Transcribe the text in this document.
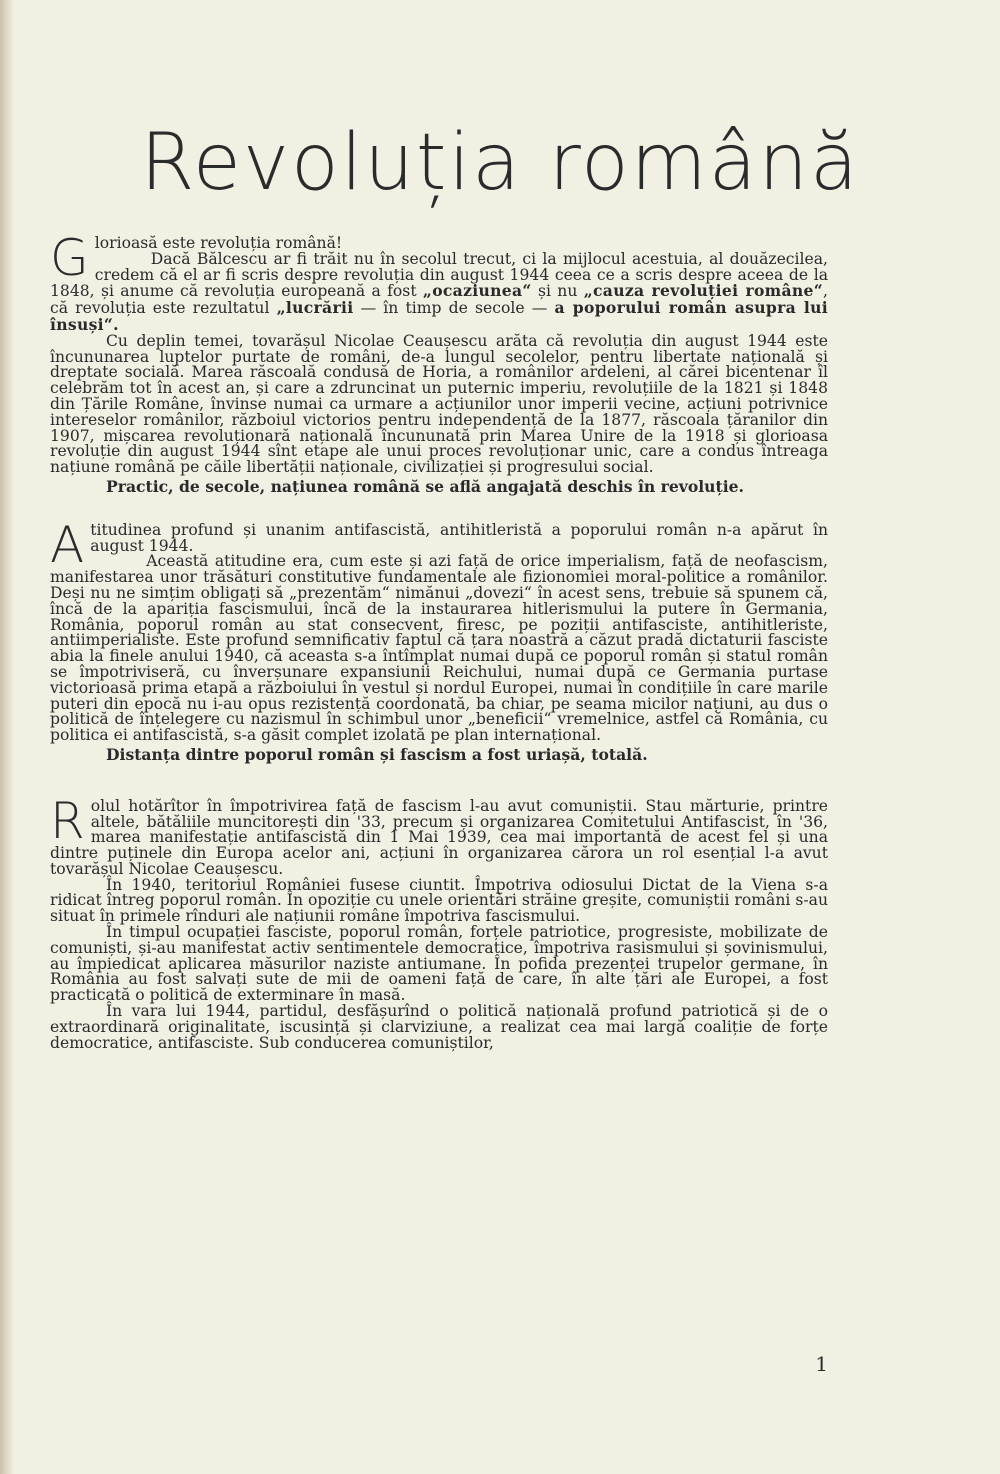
Revoluția română

Glorioasă este revoluția română!

Dacă Bălcescu ar fi trăit nu în secolul trecut, ci la mijlocul acestuia, al douăzecilea, credem că el ar fi scris despre revoluția din august 1944 ceea ce a scris despre aceea de la 1848, și anume că revoluția europeană a fost „ocaziunea“ și nu „cauza revoluției române“, că revoluția este rezultatul „lucrării — în timp de secole — a poporului român asupra lui însuși“.

Cu deplin temei, tovarășul Nicolae Ceaușescu arăta că revoluția din august 1944 este încununarea luptelor purtate de români, de-a lungul secolelor, pentru libertate națională și dreptate socială. Marea răscoală condusă de Horia, a românilor ardeleni, al cărei bicentenar îl celebrăm tot în acest an, și care a zdruncinat un puternic imperiu, revoluțiile de la 1821 și 1848 din Țările Române, învinse numai ca urmare a acțiunilor unor imperii vecine, acțiuni potrivnice intereselor românilor, războiul victorios pentru independență de la 1877, răscoala țăranilor din 1907, mișcarea revoluționară națională încununată prin Marea Unire de la 1918 și glorioasa revoluție din august 1944 sînt etape ale unui proces revoluționar unic, care a condus întreaga națiune română pe căile libertății naționale, civilizației și progresului social.

Practic, de secole, națiunea română se află angajată deschis în revoluție.

Atitudinea profund și unanim antifascistă, antihitleristă a poporului român n-a apărut în august 1944.

Această atitudine era, cum este și azi față de orice imperialism, față de neofascism, manifestarea unor trăsături constitutive fundamentale ale fizionomiei moral-politice a românilor. Deși nu ne simțim obligați să „prezentăm“ nimănui „dovezi“ în acest sens, trebuie să spunem că, încă de la apariția fascismului, încă de la instaurarea hitlerismului la putere în Germania, România, poporul român au stat consecvent, firesc, pe poziții antifasciste, antihitleriste, antiimperialiste. Este profund semnificativ faptul că țara noastră a căzut pradă dictaturii fasciste abia la finele anului 1940, că aceasta s-a întîmplat numai după ce poporul român și statul român se împotriviseră, cu înverșunare expansiunii Reichului, numai după ce Germania purtase victorioasă prima etapă a războiului în vestul și nordul Europei, numai în condițiile în care marile puteri din epocă nu i-au opus rezistență coordonată, ba chiar, pe seama micilor națiuni, au dus o politică de înțelegere cu nazismul în schimbul unor „beneficii“ vremelnice, astfel că România, cu politica ei antifascistă, s-a găsit complet izolată pe plan internațional.

Distanța dintre poporul român și fascism a fost uriașă, totală.

Rolul hotărîtor în împotrivirea față de fascism l-au avut comuniștii. Stau mărturie, printre altele, bătăliile muncitorești din '33, precum și organizarea Comitetului Antifascist, în '36, marea manifestație antifascistă din 1 Mai 1939, cea mai importantă de acest fel și una dintre puținele din Europa acelor ani, acțiuni în organizarea cărora un rol esențial l-a avut tovarășul Nicolae Ceaușescu.

În 1940, teritoriul României fusese ciuntit. Împotriva odiosului Dictat de la Viena s-a ridicat întreg poporul român. În opoziție cu unele orientări străine greșite, comuniștii români s-au situat în primele rînduri ale națiunii române împotriva fascismului.

În timpul ocupației fasciste, poporul român, forțele patriotice, progresiste, mobilizate de comuniști, și-au manifestat activ sentimentele democratice, împotriva rasismului și șovinismului, au împiedicat aplicarea măsurilor naziste antiumane. În pofida prezenței trupelor germane, în România au fost salvați sute de mii de oameni față de care, în alte țări ale Europei, a fost practicată o politică de exterminare în masă.

În vara lui 1944, partidul, desfășurînd o politică națională profund patriotică și de o extraordinară originalitate, iscusință și clarviziune, a realizat cea mai largă coaliție de forțe democratice, antifasciste. Sub conducerea comuniștilor,

1
